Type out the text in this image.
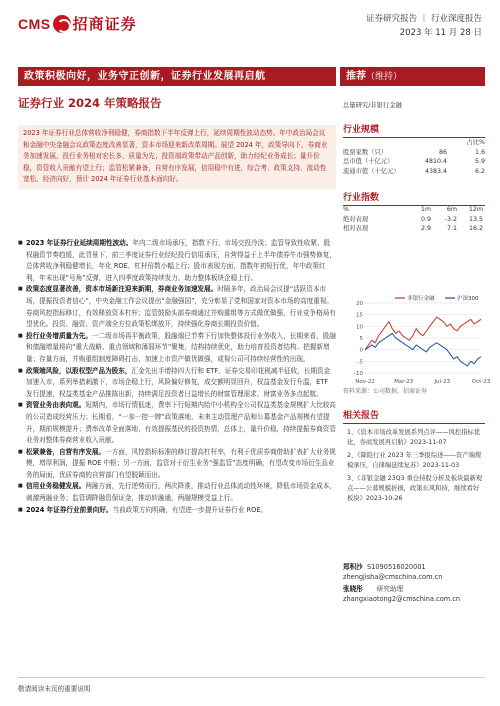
CMS 招商证券	证券研究报告 ｜ 行业深度报告
2023 年 11 月 28 日
政策积极向好，业务守正创新，证券行业发展再启航	推荐（维持）
证券行业 2024 年策略报告
2023 年证券行业总体营收净利稳健，券商指数下半年反弹上行，延续周期性波动态势。年中政治局会议和金融中央金融会议政策态度改善显著，资本市场迎来新改革周期。展望 2024 年，政策导向下，券商业务加速发展，投行业务相对宏长多、质量为先；投资端政策带动产品创新，助力经纪业务成长；量升价稳，资管收入贡献有望上行；监管松紧兼备，自营有序发展，信用稳中有进，综合考、政策支持、流动性宽松、经济向好，预计 2024 年证券行业基本面向好。
■ 2023 年证券行业延续周期性波动。年内二级市场承压，指数下行，市场交投冷淡；监管导致性收紧、股权融资节奏趋缓，此背景下，前三季度证券行业经纪投行信用承压，自营得益于上半年债券牛市强势修复，总体营收净利稳健增长，年化 ROE、杠杆倍数小幅上行；股市表现方面，指数年初短行优，年中政策红利，年末出现“号角”反弹，进入四季度政策持续发力，助力整体板块企稳上行。
■ 政策态度显著改善，资本市场新注迎来新期，券商业务加速发展。时隔多年，政治局会议提“活跃资本市场，提振投资者信心”，中央金融工作会议提出“金融强国”，充分彰显了党和国家对资本市场的高度重视。券商风控指标修订，有效释放资本杠杆；监管鼓励头部券商通过并购重组等方式做优做强，行业竞争格局有望优化。投资、融资、资产端全方位政策松绑放开，持续强化券商长期投资价值。
■ 投行业务增质量为先。一二级市场再平衡政策，股融端已节奏下行加快整体投行业务收入，长期来看，股融和债融增量将向“重大战略、重点领域和薄弱环节”聚集，结构持续优化，助力培育投资者结构、把握新增量；存量方面，并购重组制度障碍打击，加速上市资产做优做强，或视公司可持续经营性的出现。
■ 政策端风险，以股权型产品为股东，汇金先出手增持四大行和 ETF，证券交易印花税减半征收，长期资金加速入市，系列举措刺激下，市场企稳上行，风险偏好修复，成交额明显回升，权益基金发行升温，ETF 发行提速，权益类基金产品推陈出新，持续满足投资者日益增长的财富管理需求，财富业务多点起航。
■ 资管业务由表向观。短期内，市场行情低迷，费率下行短期内给中小机构全公司权益类基金规模扩大比较高的公司造成经营压力；长期看，“一参一控一牌”政策落地，未来主动管理产品和公募基金产品规模有望提升，期前规模提升；费率改革全面落地，有效提振基民的投资热情，总体上，量升价稳，持续提振券商资管业务对整体券商营业收入贡献。
■ 松紧兼备，自营有序发展。一方面，风控指标标准的修订提高杠杆率，有利于优质券商借助扩表扩大业务规模，增厚利润，提振 ROE 中枢；另一方面，监管对于衍生业务“强监管”态度明确，有望改变市场衍生品业务的局面，优质券商的自营部门有望脱颖而出。
■ 信用业务稳健发展。两融方面，先行逆势而行，两次降准，推动行业总体流动性环境，降低市场资金成本，刺激两融业务；监管调降融资保证金，推动转融通，两融规模受益上行。
■ 2024 年证券行业前景向好。当前政策方向明确，有望进一步提升证券行业 ROE。
总量研究/非银行金融
行业规模
占比%
股票家数（只）	86	1.6
总市值（十亿元）	4810.4	5.9
流通市值（十亿元）	4383.4	6.2
行业指数
%	1m	6m	12m
绝对表现	0.9	-3.2	13.5
相对表现	2.9	7.1	16.2
20
15
10
5
0
-5
-10
Nov-22	Mar-23	Jul-23	Oct-23
非银行金融	沪深300
资料来源：公司数据、招商证券
相关报告
1、《资本市场改革发展系列点评——风控指标优化，券商发展再启航》2023-11-07
2、《降险行业 2023 年三季报综述——资产端规模承压，自律端延续复苏》2023-11-03
3、《非银金融 23Q3 重仓持股分析及板块最新观点——公募规模折损，政策东风和持，继续看好板块》2023-10-26
郑积沙 S1090516020001
zhengjisha@cmschina.com.cn
张晓彤 研究助理
zhangxiaotong2@cmschina.com.cn
敬请阅读末页的重要说明
